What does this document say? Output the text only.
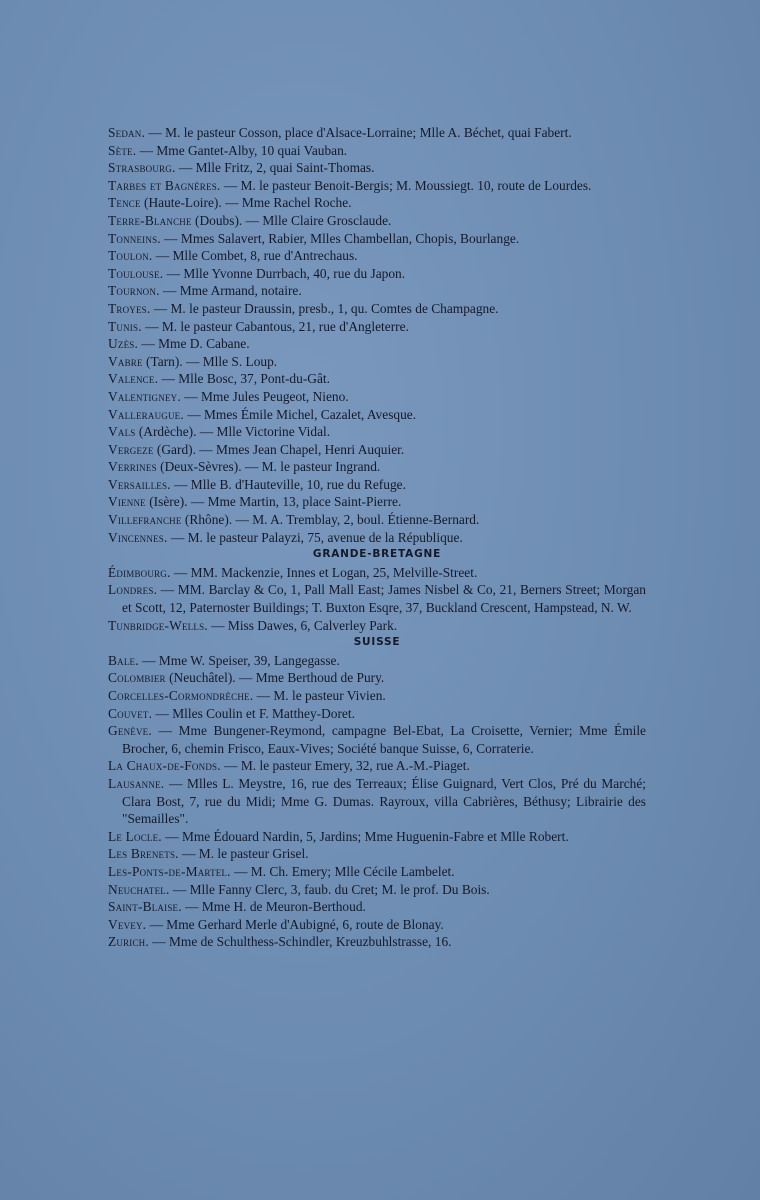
Sedan. — M. le pasteur Cosson, place d'Alsace-Lorraine; Mlle A. Béchet, quai Fabert.

Sète. — Mme Gantet-Alby, 10 quai Vauban.

Strasbourg. — Mlle Fritz, 2, quai Saint-Thomas.

Tarbes et Bagnères. — M. le pasteur Benoit-Bergis; M. Moussiegt. 10, route de Lourdes.

Tence (Haute-Loire). — Mme Rachel Roche.

Terre-Blanche (Doubs). — Mlle Claire Grosclaude.

Tonneins. — Mmes Salavert, Rabier, Mlles Chambellan, Chopis, Bourlange.

Toulon. — Mlle Combet, 8, rue d'Antrechaus.

Toulouse. — Mlle Yvonne Durrbach, 40, rue du Japon.

Tournon. — Mme Armand, notaire.

Troyes. — M. le pasteur Draussin, presb., 1, qu. Comtes de Champagne.

Tunis. — M. le pasteur Cabantous, 21, rue d'Angleterre.

Uzès. — Mme D. Cabane.

Vabre (Tarn). — Mlle S. Loup.

Valence. — Mlle Bosc, 37, Pont-du-Gât.

Valentigney. — Mme Jules Peugeot, Nieno.

Valleraugue. — Mmes Émile Michel, Cazalet, Avesque.

Vals (Ardèche). — Mlle Victorine Vidal.

Vergeze (Gard). — Mmes Jean Chapel, Henri Auquier.

Verrines (Deux-Sèvres). — M. le pasteur Ingrand.

Versailles. — Mlle B. d'Hauteville, 10, rue du Refuge.

Vienne (Isère). — Mme Martin, 13, place Saint-Pierre.

Villefranche (Rhône). — M. A. Tremblay, 2, boul. Étienne-Bernard.

Vincennes. — M. le pasteur Palayzi, 75, avenue de la République.

GRANDE-BRETAGNE

Édimbourg. — MM. Mackenzie, Innes et Logan, 25, Melville-Street.

Londres. — MM. Barclay & Co, 1, Pall Mall East; James Nisbel & Co, 21, Berners Street; Morgan et Scott, 12, Paternoster Buildings; T. Buxton Esqre, 37, Buckland Crescent, Hampstead, N. W.

Tunbridge-Wells. — Miss Dawes, 6, Calverley Park.

SUISSE

Bale. — Mme W. Speiser, 39, Langegasse.

Colombier (Neuchâtel). — Mme Berthoud de Pury.

Corcelles-Cormondrèche. — M. le pasteur Vivien.

Couvet. — Mlles Coulin et F. Matthey-Doret.

Genève. — Mme Bungener-Reymond, campagne Bel-Ebat, La Croisette, Vernier; Mme Émile Brocher, 6, chemin Frisco, Eaux-Vives; Société banque Suisse, 6, Corraterie.

La Chaux-de-Fonds. — M. le pasteur Emery, 32, rue A.-M.-Piaget.

Lausanne. — Mlles L. Meystre, 16, rue des Terreaux; Élise Guignard, Vert Clos, Pré du Marché; Clara Bost, 7, rue du Midi; Mme G. Dumas. Rayroux, villa Cabrières, Béthusy; Librairie des "Semailles".

Le Locle. — Mme Édouard Nardin, 5, Jardins; Mme Huguenin-Fabre et Mlle Robert.

Les Brenets. — M. le pasteur Grisel.

Les-Ponts-de-Martel. — M. Ch. Emery; Mlle Cécile Lambelet.

Neuchatel. — Mlle Fanny Clerc, 3, faub. du Cret; M. le prof. Du Bois.

Saint-Blaise. — Mme H. de Meuron-Berthoud.

Vevey. — Mme Gerhard Merle d'Aubigné, 6, route de Blonay.

Zurich. — Mme de Schulthess-Schindler, Kreuzbuhlstrasse, 16.
